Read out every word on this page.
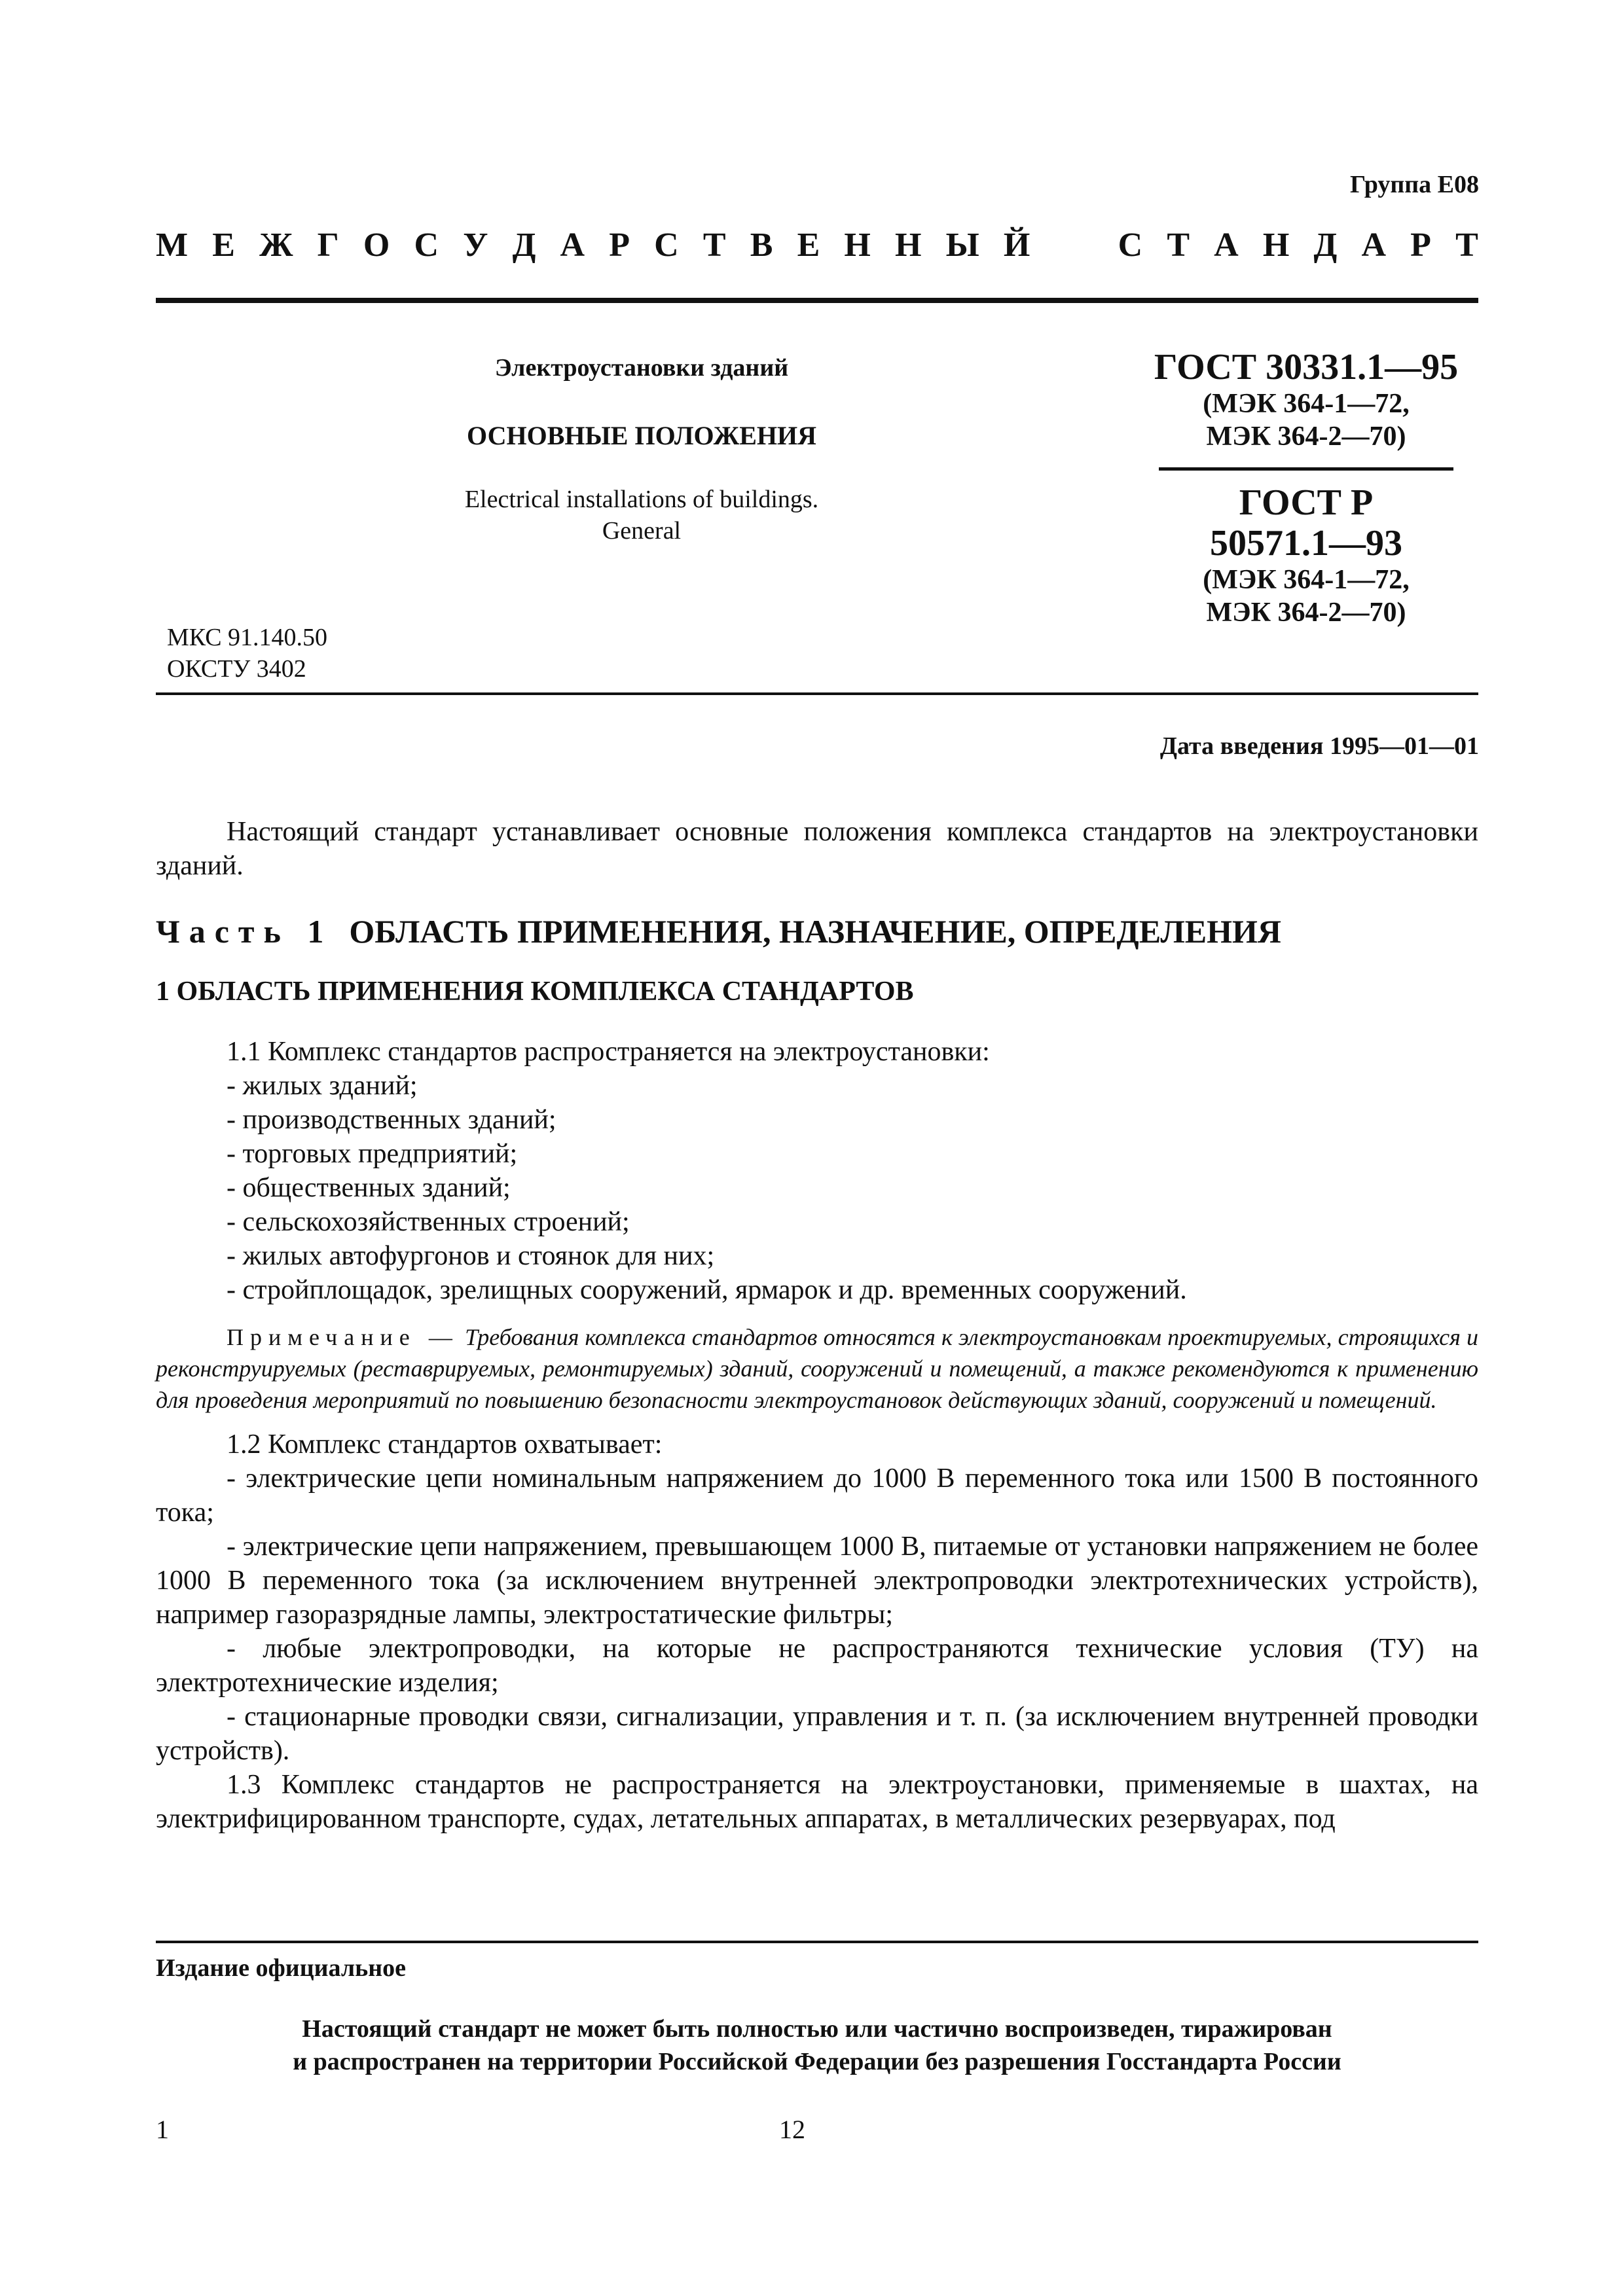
Группа Е08
М Е Ж Г О С У Д А Р С Т В Е Н Н Ы Й	С Т А Н Д А Р Т
Электроустановки зданий
ОСНОВНЫЕ ПОЛОЖЕНИЯ
Electrical installations of buildings.
General
МКС 91.140.50
ОКСТУ 3402
ГОСТ 30331.1—95
(МЭК 364-1—72,
МЭК 364-2—70)
ГОСТ Р
50571.1—93
(МЭК 364-1—72,
МЭК 364-2—70)
Дата введения 1995—01—01

Настоящий стандарт устанавливает основные положения комплекса стандартов на электроустановки зданий.

Часть 1 ОБЛАСТЬ ПРИМЕНЕНИЯ, НАЗНАЧЕНИЕ, ОПРЕДЕЛЕНИЯ

1 ОБЛАСТЬ ПРИМЕНЕНИЯ КОМПЛЕКСА СТАНДАРТОВ

1.1 Комплекс стандартов распространяется на электроустановки:

- жилых зданий;

- производственных зданий;

- торговых предприятий;

- общественных зданий;

- сельскохозяйственных строений;

- жилых автофургонов и стоянок для них;

- стройплощадок, зрелищных сооружений, ярмарок и др. временных сооружений.

Примечание — Требования комплекса стандартов относятся к электроустановкам проектируемых, строящихся и реконструируемых (реставрируемых, ремонтируемых) зданий, сооружений и помещений, а также рекомендуются к применению для проведения мероприятий по повышению безопасности электроустановок действующих зданий, сооружений и помещений.

1.2 Комплекс стандартов охватывает:

- электрические цепи номинальным напряжением до 1000 В переменного тока или 1500 В постоянного тока;

- электрические цепи напряжением, превышающем 1000 В, питаемые от установки напряжением не более 1000 В переменного тока (за исключением внутренней электропроводки электротехнических устройств), например газоразрядные лампы, электростатические фильтры;

- любые электропроводки, на которые не распространяются технические условия (ТУ) на электротехнические изделия;

- стационарные проводки связи, сигнализации, управления и т. п. (за исключением внутренней проводки устройств).

1.3 Комплекс стандартов не распространяется на электроустановки, применяемые в шахтах, на электрифицированном транспорте, судах, летательных аппаратах, в металлических резервуарах, под

Издание официальное
Настоящий стандарт не может быть полностью или частично воспроизведен, тиражирован
и распространен на территории Российской Федерации без разрешения Госстандарта России
1	12
